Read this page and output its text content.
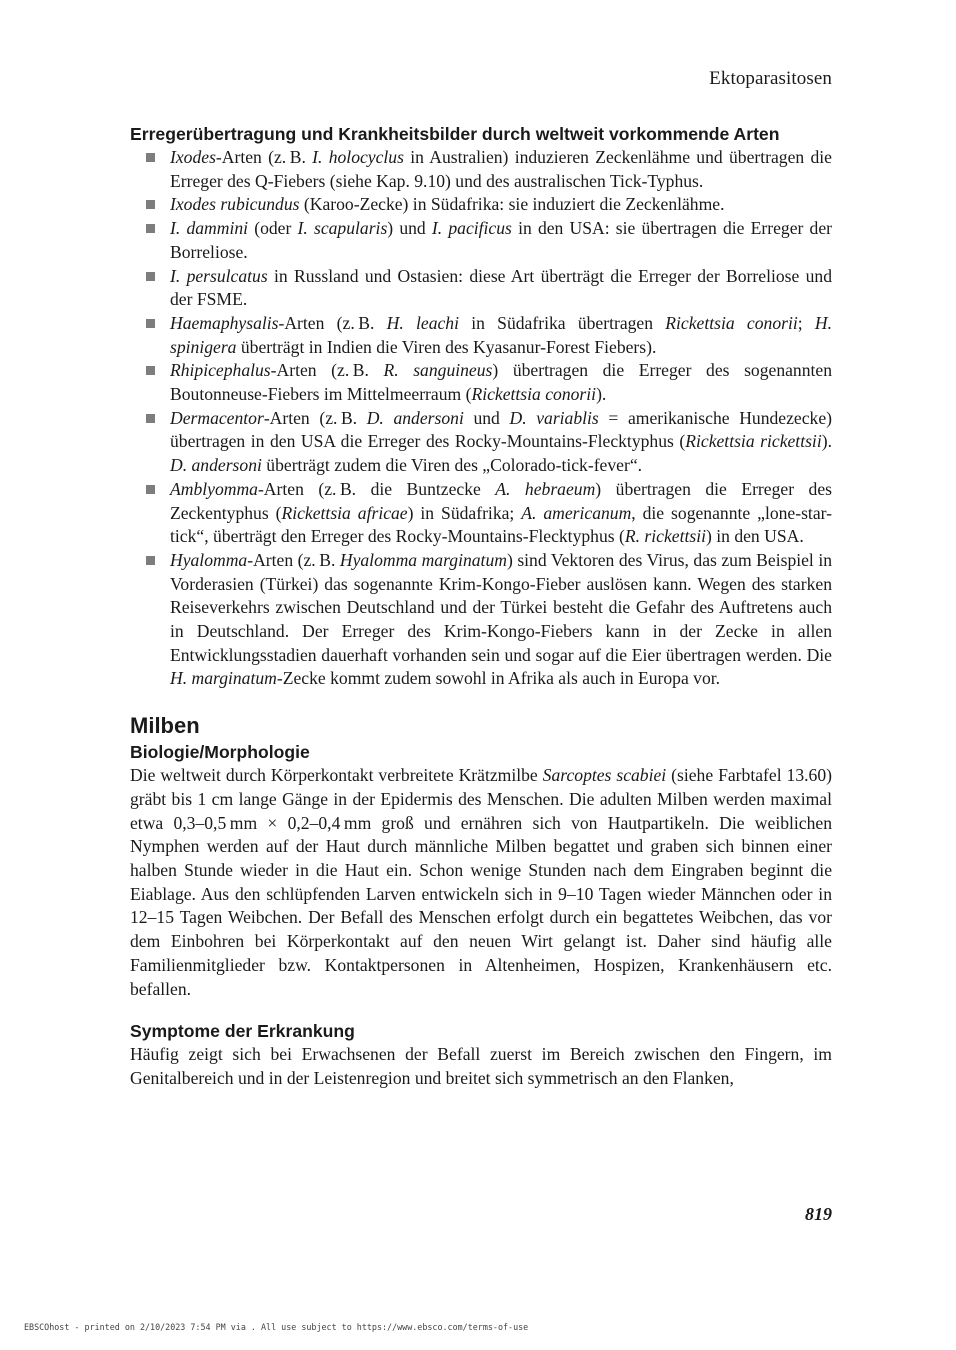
Ektoparasitosen
Erregerübertragung und Krankheitsbilder durch weltweit vorkommende Arten
Ixodes-Arten (z. B. I. holocyclus in Australien) induzieren Zeckenlähme und übertragen die Erreger des Q-Fiebers (siehe Kap. 9.10) und des australischen Tick-Typhus.
Ixodes rubicundus (Karoo-Zecke) in Südafrika: sie induziert die Zeckenlähme.
I. dammini (oder I. scapularis) und I. pacificus in den USA: sie übertragen die Erreger der Borreliose.
I. persulcatus in Russland und Ostasien: diese Art überträgt die Erreger der Borreliose und der FSME.
Haemaphysalis-Arten (z. B. H. leachi in Südafrika übertragen Rickettsia conorii; H. spinigera überträgt in Indien die Viren des Kyasanur-Forest Fiebers).
Rhipicephalus-Arten (z. B. R. sanguineus) übertragen die Erreger des sogenannten Boutonneuse-Fiebers im Mittelmeerraum (Rickettsia conorii).
Dermacentor-Arten (z. B. D. andersoni und D. variablis = amerikanische Hundezecke) übertragen in den USA die Erreger des Rocky-Mountains-Flecktyphus (Rickettsia rickettsii). D. andersoni überträgt zudem die Viren des „Colorado-tick-fever“.
Amblyomma-Arten (z. B. die Buntzecke A. hebraeum) übertragen die Erreger des Zeckentyphus (Rickettsia africae) in Südafrika; A. americanum, die sogenannte „lone-star-tick“, überträgt den Erreger des Rocky-Mountains-Flecktyphus (R. rickettsii) in den USA.
Hyalomma-Arten (z. B. Hyalomma marginatum) sind Vektoren des Virus, das zum Beispiel in Vorderasien (Türkei) das sogenannte Krim-Kongo-Fieber auslösen kann. Wegen des starken Reiseverkehrs zwischen Deutschland und der Türkei besteht die Gefahr des Auftretens auch in Deutschland. Der Erreger des Krim-Kongo-Fiebers kann in der Zecke in allen Entwicklungsstadien dauerhaft vorhanden sein und sogar auf die Eier übertragen werden. Die H. marginatum-Zecke kommt zudem sowohl in Afrika als auch in Europa vor.
Milben
Biologie/Morphologie

Die weltweit durch Körperkontakt verbreitete Krätzmilbe Sarcoptes scabiei (siehe Farbtafel 13.60) gräbt bis 1 cm lange Gänge in der Epidermis des Menschen. Die adulten Milben werden maximal etwa 0,3–0,5 mm × 0,2–0,4 mm groß und ernähren sich von Hautpartikeln. Die weiblichen Nymphen werden auf der Haut durch männliche Milben begattet und graben sich binnen einer halben Stunde wieder in die Haut ein. Schon wenige Stunden nach dem Eingraben beginnt die Eiablage. Aus den schlüpfenden Larven entwickeln sich in 9–10 Tagen wieder Männchen oder in 12–15 Tagen Weibchen. Der Befall des Menschen erfolgt durch ein begattetes Weibchen, das vor dem Einbohren bei Körperkontakt auf den neuen Wirt gelangt ist. Daher sind häufig alle Familienmitglieder bzw. Kontaktpersonen in Altenheimen, Hospizen, Krankenhäusern etc. befallen.

Symptome der Erkrankung

Häufig zeigt sich bei Erwachsenen der Befall zuerst im Bereich zwischen den Fingern, im Genitalbereich und in der Leistenregion und breitet sich symmetrisch an den Flanken,

819
EBSCOhost - printed on 2/10/2023 7:54 PM via . All use subject to https://www.ebsco.com/terms-of-use
